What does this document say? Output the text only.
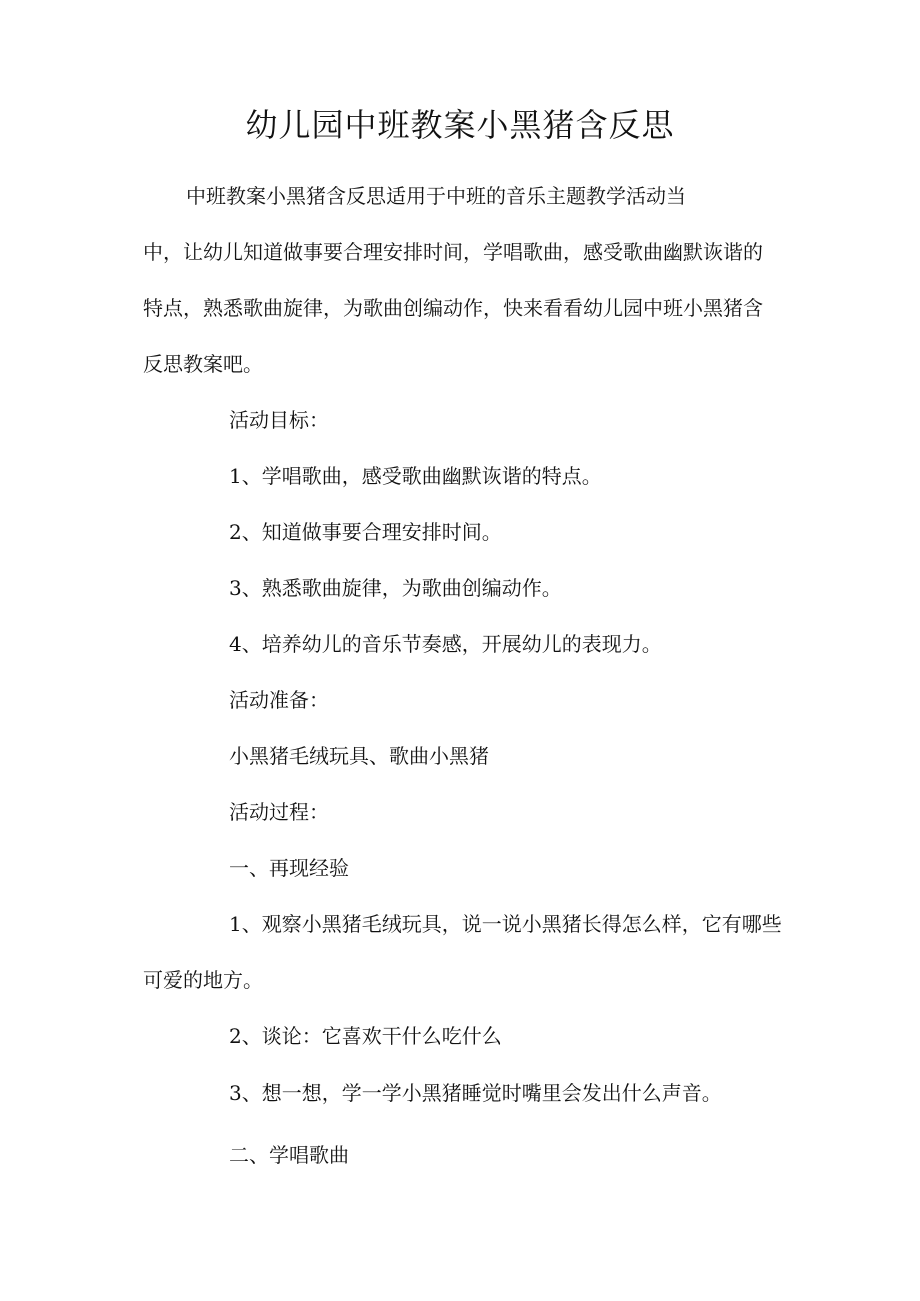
幼儿园中班教案小黑猪含反思
中班教案小黑猪含反思适用于中班的音乐主题教学活动当
中，让幼儿知道做事要合理安排时间，学唱歌曲，感受歌曲幽默诙谐的
特点，熟悉歌曲旋律，为歌曲创编动作，快来看看幼儿园中班小黑猪含
反思教案吧。
活动目标：
1、学唱歌曲，感受歌曲幽默诙谐的特点。
2、知道做事要合理安排时间。
3、熟悉歌曲旋律，为歌曲创编动作。
4、培养幼儿的音乐节奏感，开展幼儿的表现力。
活动准备：
小黑猪毛绒玩具、歌曲小黑猪
活动过程：
一、再现经验
1、观察小黑猪毛绒玩具，说一说小黑猪长得怎么样，它有哪些
可爱的地方。
2、谈论：它喜欢干什么吃什么
3、想一想，学一学小黑猪睡觉时嘴里会发出什么声音。
二、学唱歌曲
